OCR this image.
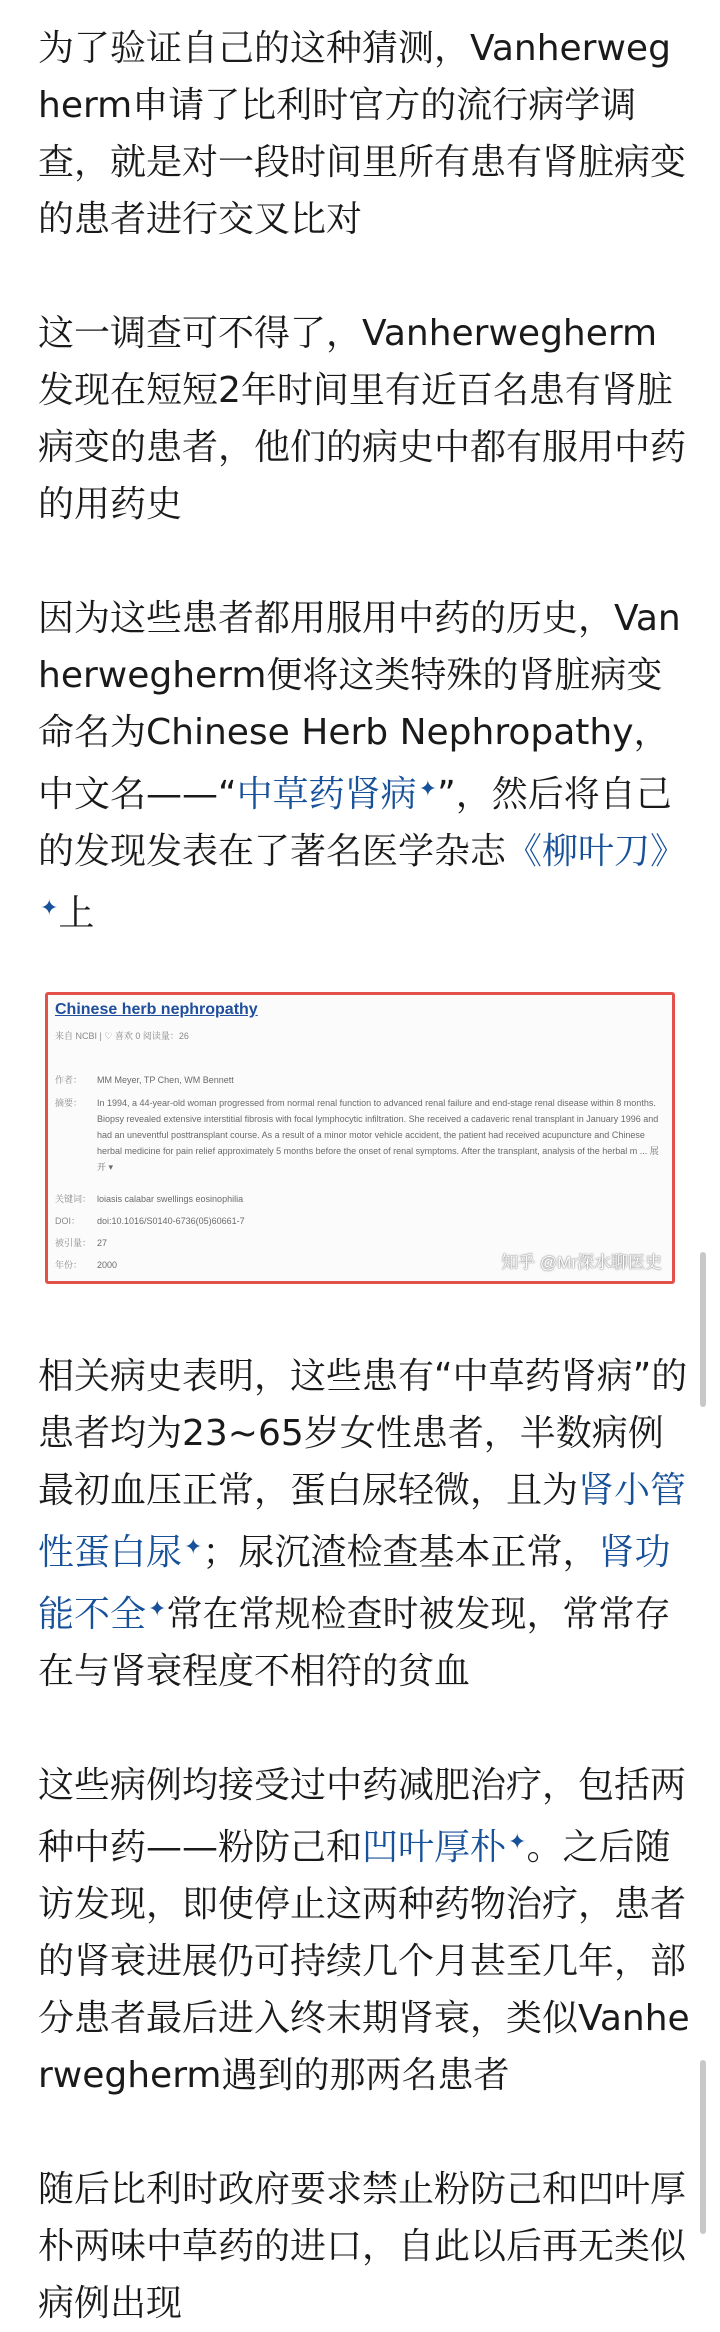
为了验证自己的这种猜测，Vanherwegherm申请了比利时官方的流行病学调查，就是对一段时间里所有患有肾脏病变的患者进行交叉比对

这一调查可不得了，Vanherwegherm发现在短短2年时间里有近百名患有肾脏病变的患者，他们的病史中都有服用中药的用药史

因为这些患者都用服用中药的历史，Vanherwegherm便将这类特殊的肾脏病变命名为Chinese Herb Nephropathy，中文名——“中草药肾病✦”，然后将自己的发现发表在了著名医学杂志《柳叶刀》✦上

Chinese herb nephropathy
来自 NCBI | ♡ 喜欢 0 阅读量：26
作者： MM Meyer, TP Chen, WM Bennett
摘要：	In 1994, a 44-year-old woman progressed from normal renal function to advanced renal failure and end-stage renal disease within 8 months. Biopsy revealed extensive interstitial fibrosis with focal lymphocytic infiltration. She received a cadaveric renal transplant in January 1996 and had an uneventful posttransplant course. As a result of a minor motor vehicle accident, the patient had received acupuncture and Chinese herbal medicine for pain relief approximately 5 months before the onset of renal symptoms. After the transplant, analysis of the herbal m ... 展开 ▾
关键词： loiasis calabar swellings eosinophilia
DOI： doi:10.1016/S0140-6736(05)60661-7
被引量： 27
年份： 2000	知乎 @Mr深水聊医史

相关病史表明，这些患有“中草药肾病”的患者均为23~65岁女性患者，半数病例最初血压正常，蛋白尿轻微，且为肾小管性蛋白尿✦；尿沉渣检查基本正常，肾功能不全✦常在常规检查时被发现，常常存在与肾衰程度不相符的贫血

这些病例均接受过中药减肥治疗，包括两种中药——粉防己和凹叶厚朴✦。之后随访发现，即使停止这两种药物治疗，患者的肾衰进展仍可持续几个月甚至几年，部分患者最后进入终末期肾衰，类似Vanherwegherm遇到的那两名患者

随后比利时政府要求禁止粉防己和凹叶厚朴两味中草药的进口，自此以后再无类似病例出现
